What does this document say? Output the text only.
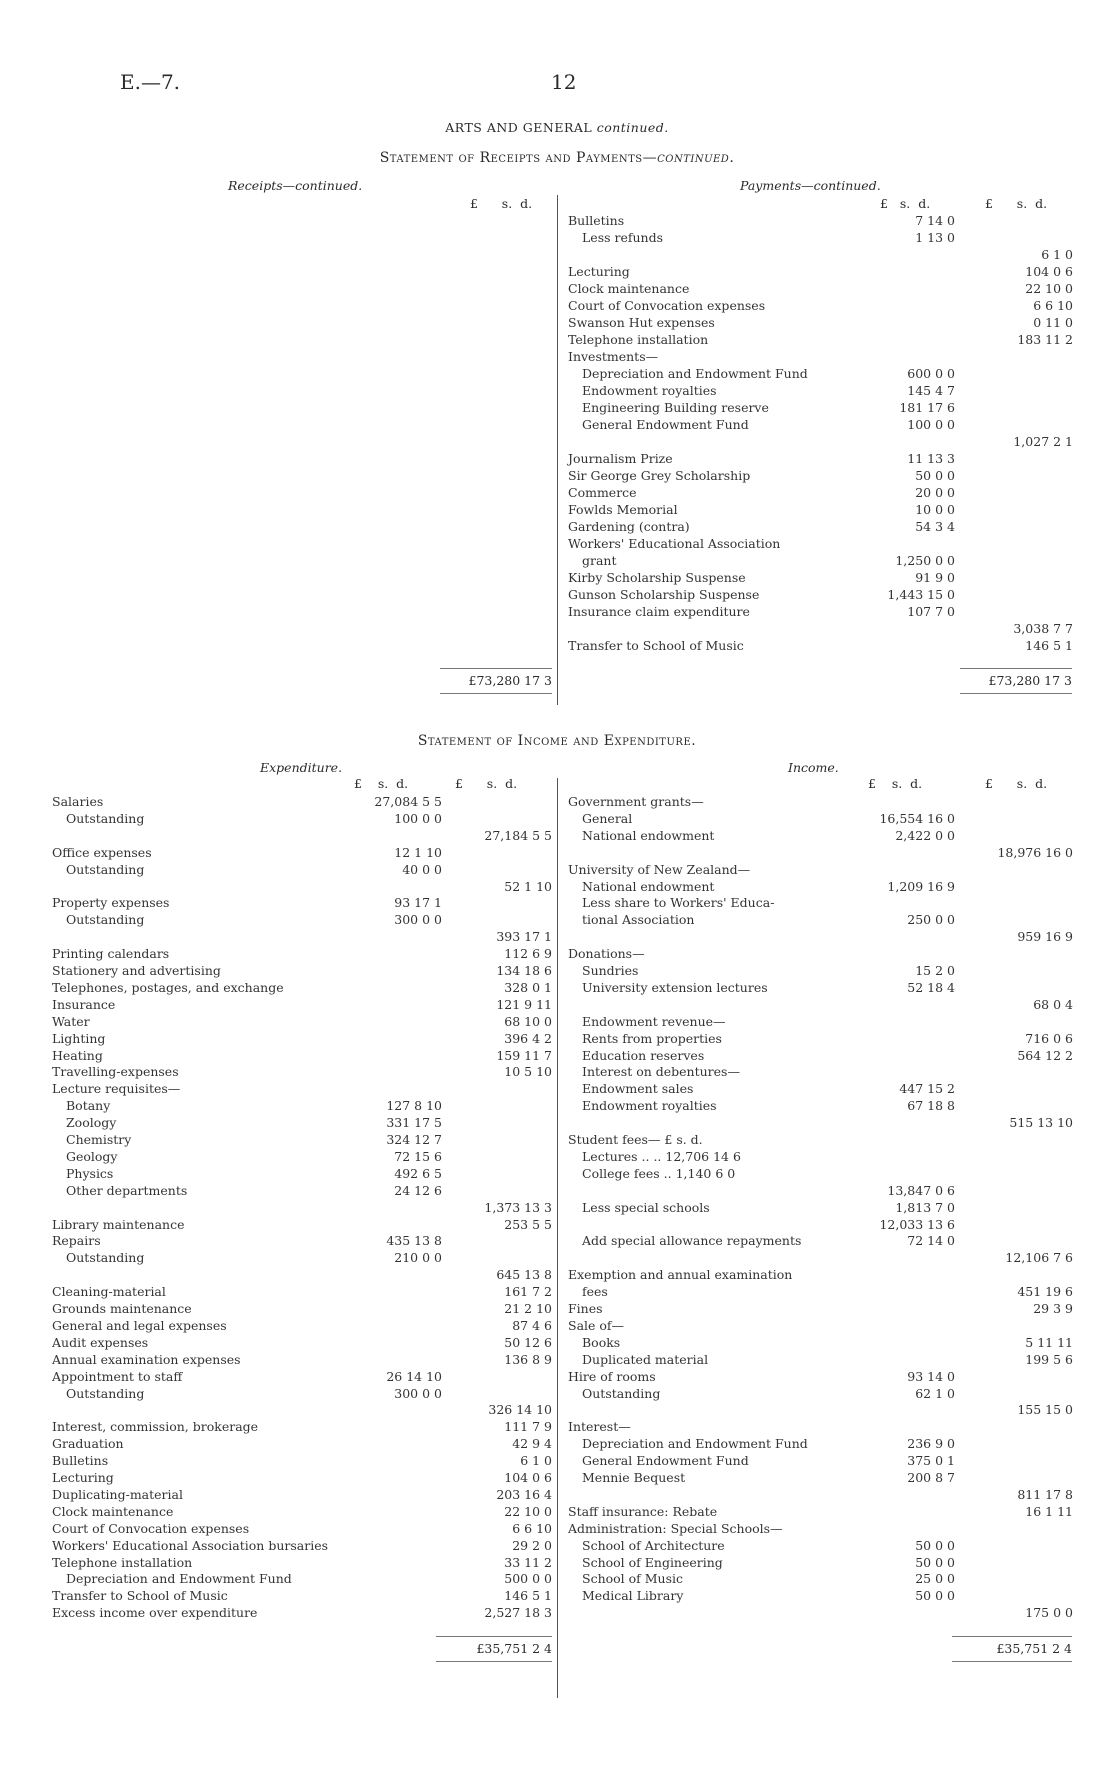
E.—7.	12
ARTS AND GENERAL continued.
Statement of Receipts and Payments—continued.
Receipts—continued.	Payments—continued.
£      s.  d.	£   s.  d.	£      s.  d.
Bulletins	7 14 0
Less refunds	1 13 0
6 1 0
Lecturing	104 0 6
Clock maintenance	22 10 0
Court of Convocation expenses	6 6 10
Swanson Hut expenses	0 11 0
Telephone installation	183 11 2
Investments—
Depreciation and Endowment Fund	600 0 0
Endowment royalties	145 4 7
Engineering Building reserve	181 17 6
General Endowment Fund	100 0 0
1,027 2 1
Journalism Prize	11 13 3
Sir George Grey Scholarship	50 0 0
Commerce	20 0 0
Fowlds Memorial	10 0 0
Gardening (contra)	54 3 4
Workers' Educational Association
grant	1,250 0 0
Kirby Scholarship Suspense	91 9 0
Gunson Scholarship Suspense	1,443 15 0
Insurance claim expenditure	107 7 0
3,038 7 7
Transfer to School of Music	146 5 1
£73,280 17 3	£73,280 17 3
Statement of Income and Expenditure.
Expenditure.	Income.
£    s.  d.	£      s.  d.	£    s.  d.	£      s.  d.
Salaries	27,084 5 5
Outstanding	100 0 0
27,184 5 5
Office expenses	12 1 10
Outstanding	40 0 0
52 1 10
Property expenses	93 17 1
Outstanding	300 0 0
393 17 1
Printing calendars	112 6 9
Stationery and advertising	134 18 6
Telephones, postages, and exchange	328 0 1
Insurance	121 9 11
Water	68 10 0
Lighting	396 4 2
Heating	159 11 7
Travelling-expenses	10 5 10
Lecture requisites—
Botany	127 8 10
Zoology	331 17 5
Chemistry	324 12 7
Geology	72 15 6
Physics	492 6 5
Other departments	24 12 6
1,373 13 3
Library maintenance	253 5 5
Repairs	435 13 8
Outstanding	210 0 0
645 13 8
Cleaning-material	161 7 2
Grounds maintenance	21 2 10
General and legal expenses	87 4 6
Audit expenses	50 12 6
Annual examination expenses	136 8 9
Appointment to staff	26 14 10
Outstanding	300 0 0
326 14 10
Interest, commission, brokerage	111 7 9
Graduation	42 9 4
Bulletins	6 1 0
Lecturing	104 0 6
Duplicating-material	203 16 4
Clock maintenance	22 10 0
Court of Convocation expenses	6 6 10
Workers' Educational Association bursaries	29 2 0
Telephone installation	33 11 2
Depreciation and Endowment Fund	500 0 0
Transfer to School of Music	146 5 1
Excess income over expenditure	2,527 18 3
Government grants—
General	16,554 16 0
National endowment	2,422 0 0
18,976 16 0
University of New Zealand—
National endowment	1,209 16 9
Less share to Workers' Educa-
tional Association	250 0 0
959 16 9
Donations—
Sundries	15 2 0
University extension lectures	52 18 4
68 0 4
Endowment revenue—
Rents from properties	716 0 6
Education reserves	564 12 2
Interest on debentures—
Endowment sales	447 15 2
Endowment royalties	67 18 8
515 13 10
Student fees— £ s. d.
Lectures .. .. 12,706 14 6
College fees .. 1,140 6 0
13,847 0 6
Less special schools	1,813 7 0
12,033 13 6
Add special allowance repayments	72 14 0
12,106 7 6
Exemption and annual examination
fees	451 19 6
Fines	29 3 9
Sale of—
Books	5 11 11
Duplicated material	199 5 6
Hire of rooms	93 14 0
Outstanding	62 1 0
155 15 0
Interest—
Depreciation and Endowment Fund	236 9 0
General Endowment Fund	375 0 1
Mennie Bequest	200 8 7
811 17 8
Staff insurance: Rebate	16 1 11
Administration: Special Schools—
School of Architecture	50 0 0
School of Engineering	50 0 0
School of Music	25 0 0
Medical Library	50 0 0
175 0 0
£35,751 2 4	£35,751 2 4
